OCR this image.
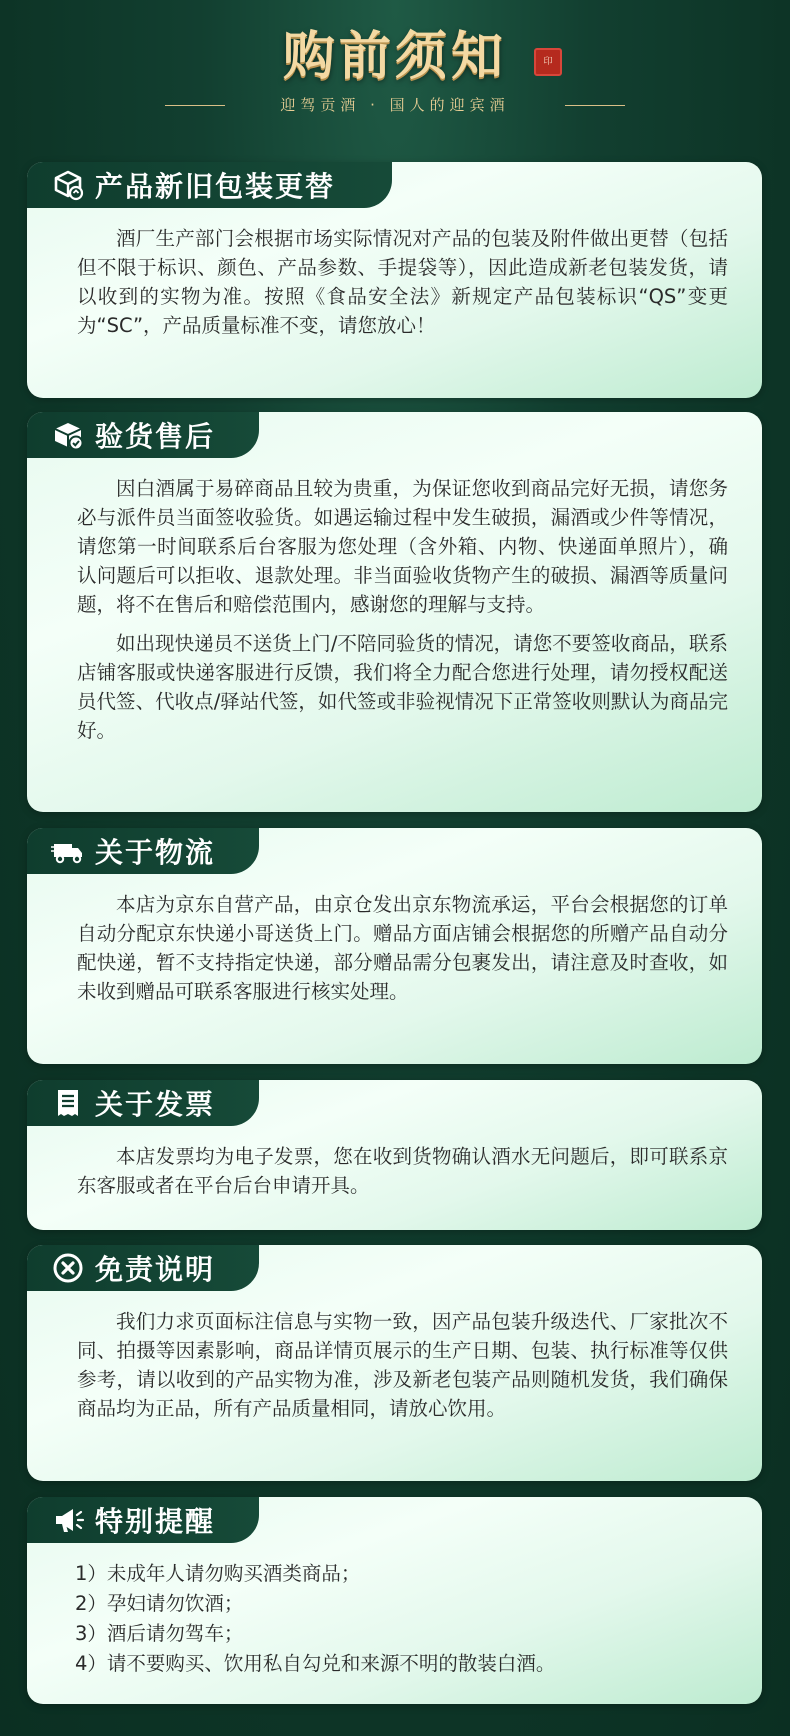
购前须知	印
迎驾贡酒 · 国人的迎宾酒
产品新旧包装更替

酒厂生产部门会根据市场实际情况对产品的包装及附件做出更替（包括但不限于标识、颜色、产品参数、手提袋等），因此造成新老包装发货，请以收到的实物为准。按照《食品安全法》新规定产品包装标识“QS”变更为“SC”，产品质量标准不变，请您放心！

验货售后

因白酒属于易碎商品且较为贵重，为保证您收到商品完好无损，请您务必与派件员当面签收验货。如遇运输过程中发生破损，漏酒或少件等情况，请您第一时间联系后台客服为您处理（含外箱、内物、快递面单照片），确认问题后可以拒收、退款处理。非当面验收货物产生的破损、漏酒等质量问题，将不在售后和赔偿范围内，感谢您的理解与支持。

如出现快递员不送货上门/不陪同验货的情况，请您不要签收商品，联系店铺客服或快递客服进行反馈，我们将全力配合您进行处理，请勿授权配送员代签、代收点/驿站代签，如代签或非验视情况下正常签收则默认为商品完好。

关于物流

本店为京东自营产品，由京仓发出京东物流承运，平台会根据您的订单自动分配京东快递小哥送货上门。赠品方面店铺会根据您的所赠产品自动分配快递，暂不支持指定快递，部分赠品需分包裹发出，请注意及时查收，如未收到赠品可联系客服进行核实处理。

关于发票

本店发票均为电子发票，您在收到货物确认酒水无问题后，即可联系京东客服或者在平台后台申请开具。

免责说明

我们力求页面标注信息与实物一致，因产品包装升级迭代、厂家批次不同、拍摄等因素影响，商品详情页展示的生产日期、包装、执行标准等仅供参考，请以收到的产品实物为准，涉及新老包装产品则随机发货，我们确保商品均为正品，所有产品质量相同，请放心饮用。

特别提醒
1）未成年人请勿购买酒类商品；
2）孕妇请勿饮酒；
3）酒后请勿驾车；
4）请不要购买、饮用私自勾兑和来源不明的散装白酒。
